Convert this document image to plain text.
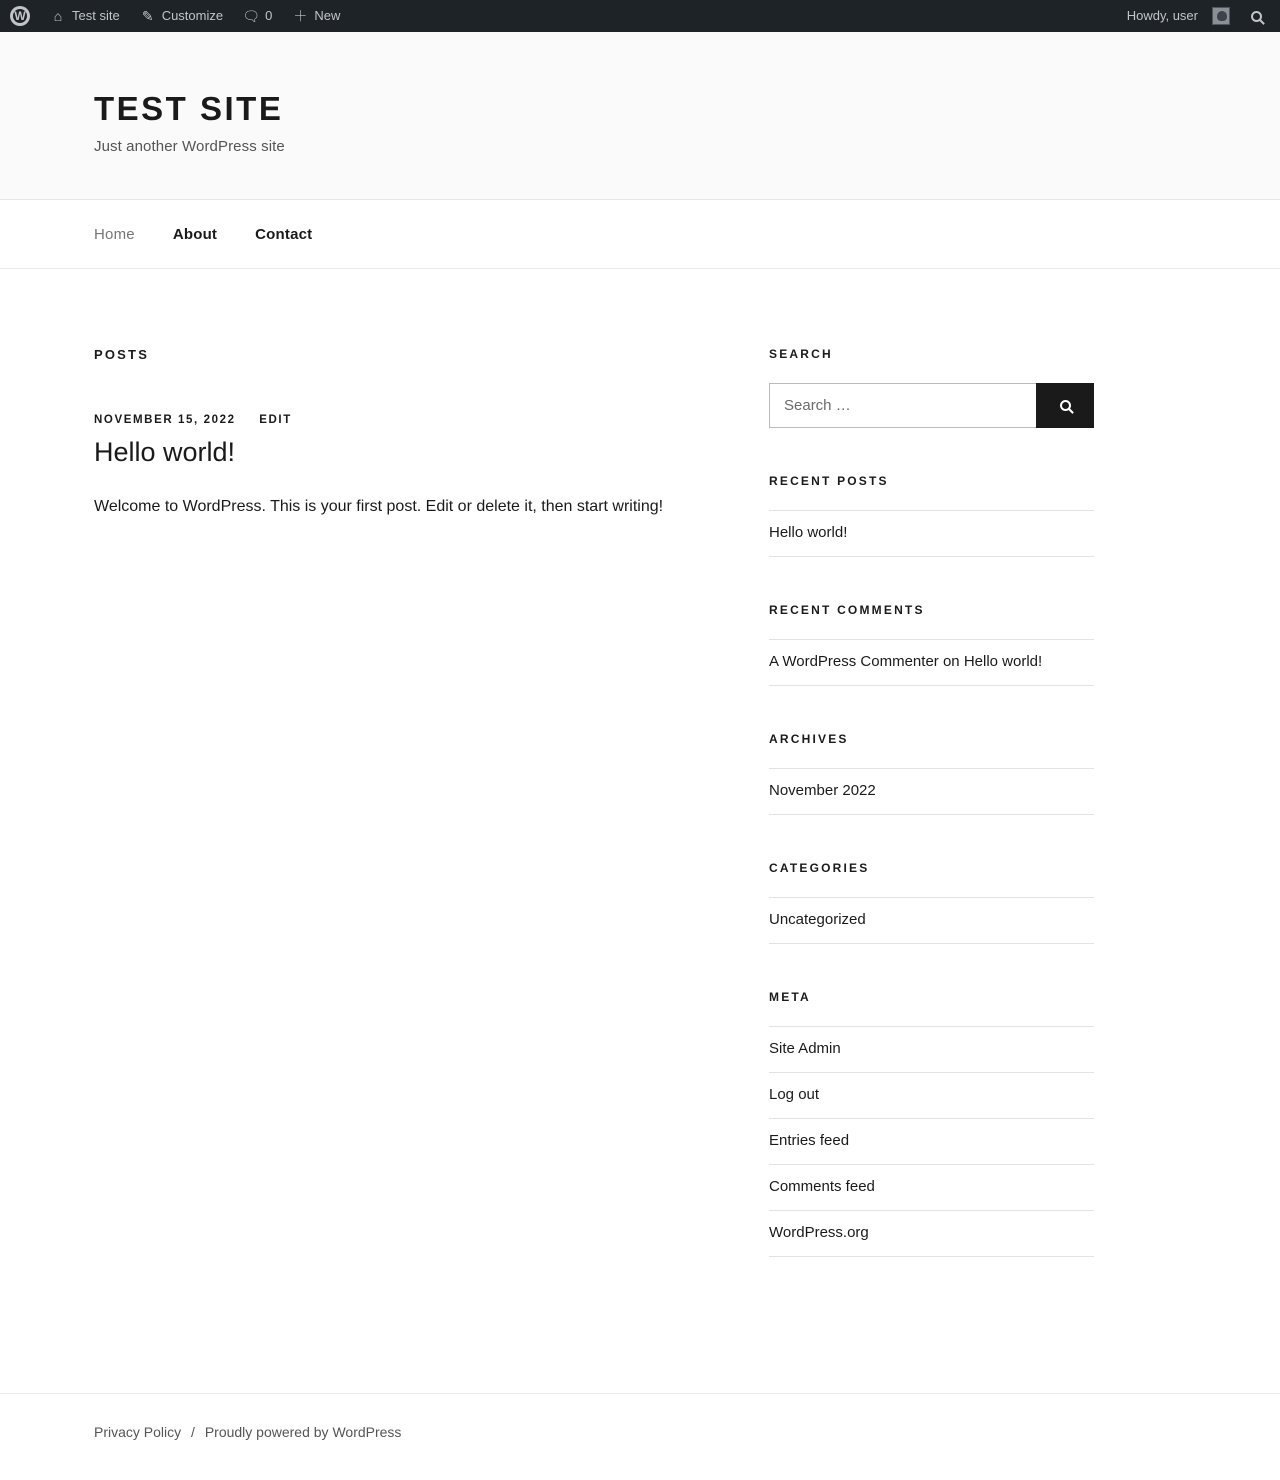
W
⌂ Test site ✎ Customize 🗨 0 ＋ New	Howdy, user
TEST SITE

Just another WordPress site

Home	About	Contact
POSTS
NOVEMBER 15, 2022 EDIT
Hello world!

Welcome to WordPress. This is your first post. Edit or delete it, then start writing!

SEARCH
Search …
RECENT POSTS
Hello world!
RECENT COMMENTS
A WordPress Commenter on Hello world!
ARCHIVES
November 2022
CATEGORIES
Uncategorized
META
Site Admin
Log out
Entries feed
Comments feed
WordPress.org
Privacy Policy / Proudly powered by WordPress
